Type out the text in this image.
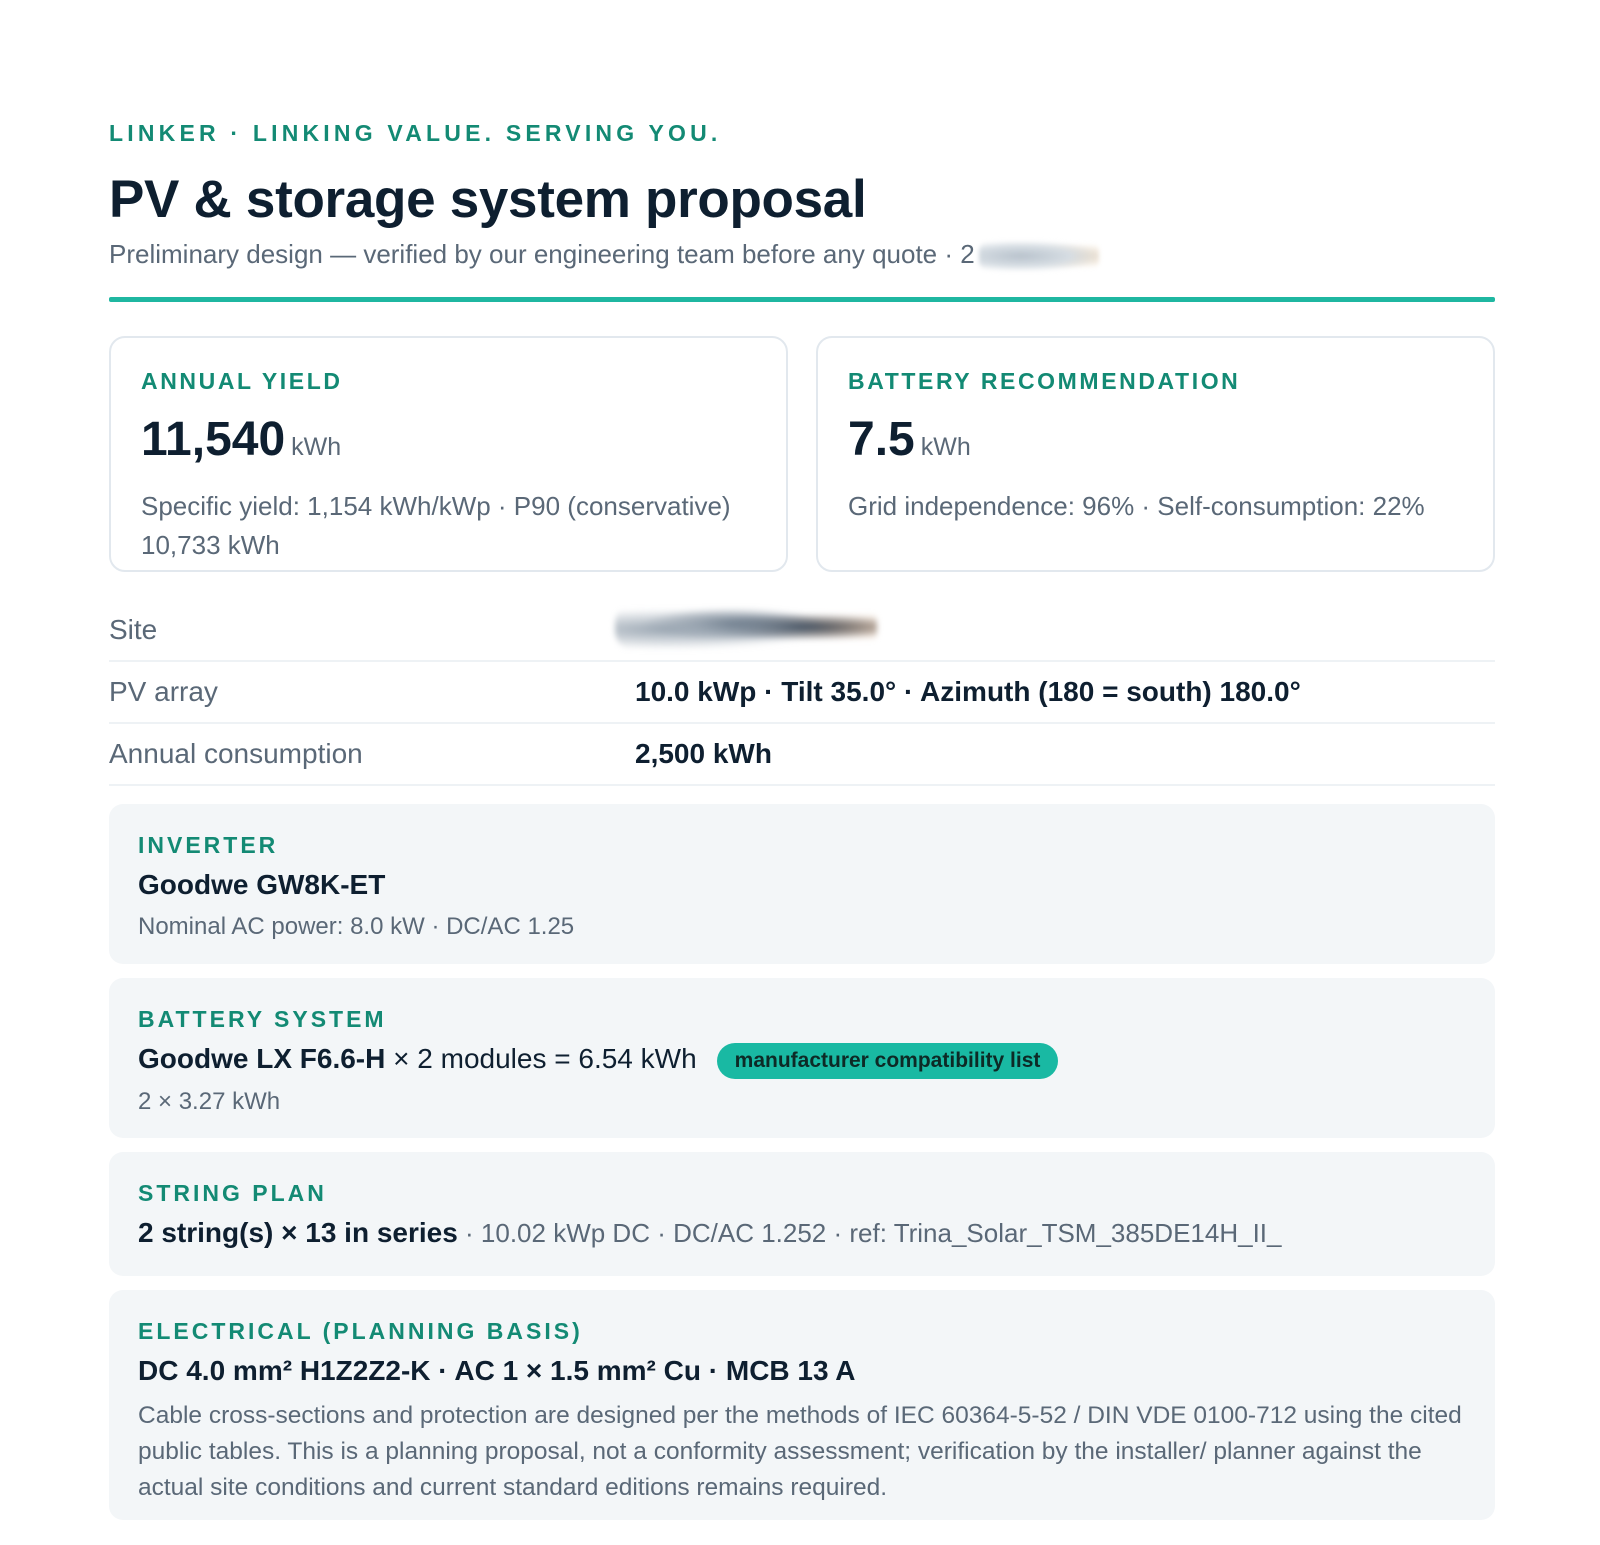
LINKER · LINKING VALUE. SERVING YOU.
PV & storage system proposal
Preliminary design — verified by our engineering team before any quote · 2
ANNUAL YIELD
11,540 kWh
Specific yield: 1,154 kWh/kWp · P90 (conservative) 10,733 kWh
BATTERY RECOMMENDATION
7.5 kWh
Grid independence: 96% · Self-consumption: 22%
Site
PV array	10.0 kWp · Tilt 35.0° · Azimuth (180 = south) 180.0°
Annual consumption	2,500 kWh
INVERTER
Goodwe GW8K-ET
Nominal AC power: 8.0 kW · DC/AC 1.25
BATTERY SYSTEM
Goodwe LX F6.6-H × 2 modules = 6.54 kWh manufacturer compatibility list
2 × 3.27 kWh
STRING PLAN
2 string(s) × 13 in series · 10.02 kWp DC · DC/AC 1.252 · ref: Trina_Solar_TSM_385DE14H_II_
ELECTRICAL (PLANNING BASIS)
DC 4.0 mm² H1Z2Z2-K · AC 1 × 1.5 mm² Cu · MCB 13 A
Cable cross-sections and protection are designed per the methods of IEC 60364-5-52 / DIN VDE 0100-712 using the cited public tables. This is a planning proposal, not a conformity assessment; verification by the installer/ planner against the actual site conditions and current standard editions remains required.
